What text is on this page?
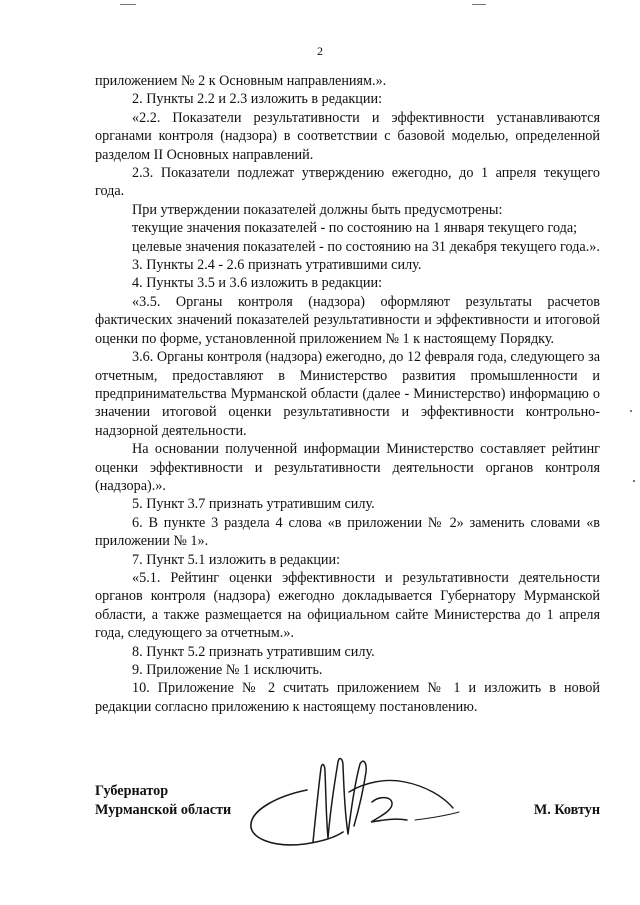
2

приложением № 2 к Основным направлениям.».

2. Пункты 2.2 и 2.3 изложить в редакции:

«2.2. Показатели результативности и эффективности устанавливаются органами контроля (надзора) в соответствии с базовой моделью, определенной разделом II Основных направлений.

2.3. Показатели подлежат утверждению ежегодно, до 1 апреля текущего года.

При утверждении показателей должны быть предусмотрены:

текущие значения показателей - по состоянию на 1 января текущего года;

целевые значения показателей - по состоянию на 31 декабря текущего года.».

3. Пункты 2.4 - 2.6 признать утратившими силу.

4. Пункты 3.5 и 3.6 изложить в редакции:

«3.5. Органы контроля (надзора) оформляют результаты расчетов фактических значений показателей результативности и эффективности и итоговой оценки по форме, установленной приложением № 1 к настоящему Порядку.

3.6. Органы контроля (надзора) ежегодно, до 12 февраля года, следующего за отчетным, предоставляют в Министерство развития промышленности и предпринимательства Мурманской области (далее - Министерство) информацию о значении итоговой оценки результативности и эффективности контрольно-надзорной деятельности.

На основании полученной информации Министерство составляет рейтинг оценки эффективности и результативности деятельности органов контроля (надзора).».

5. Пункт 3.7 признать утратившим силу.

6. В пункте 3 раздела 4 слова «в приложении № 2» заменить словами «в приложении № 1».

7. Пункт 5.1 изложить в редакции:

«5.1. Рейтинг оценки эффективности и результативности деятельности органов контроля (надзора) ежегодно докладывается Губернатору Мурманской области, а также размещается на официальном сайте Министерства до 1 апреля года, следующего за отчетным.».

8. Пункт 5.2 признать утратившим силу.

9. Приложение № 1 исключить.

10. Приложение № 2 считать приложением № 1 и изложить в новой редакции согласно приложению к настоящему постановлению.

Губернатор
Мурманской области	М. Ковтун
